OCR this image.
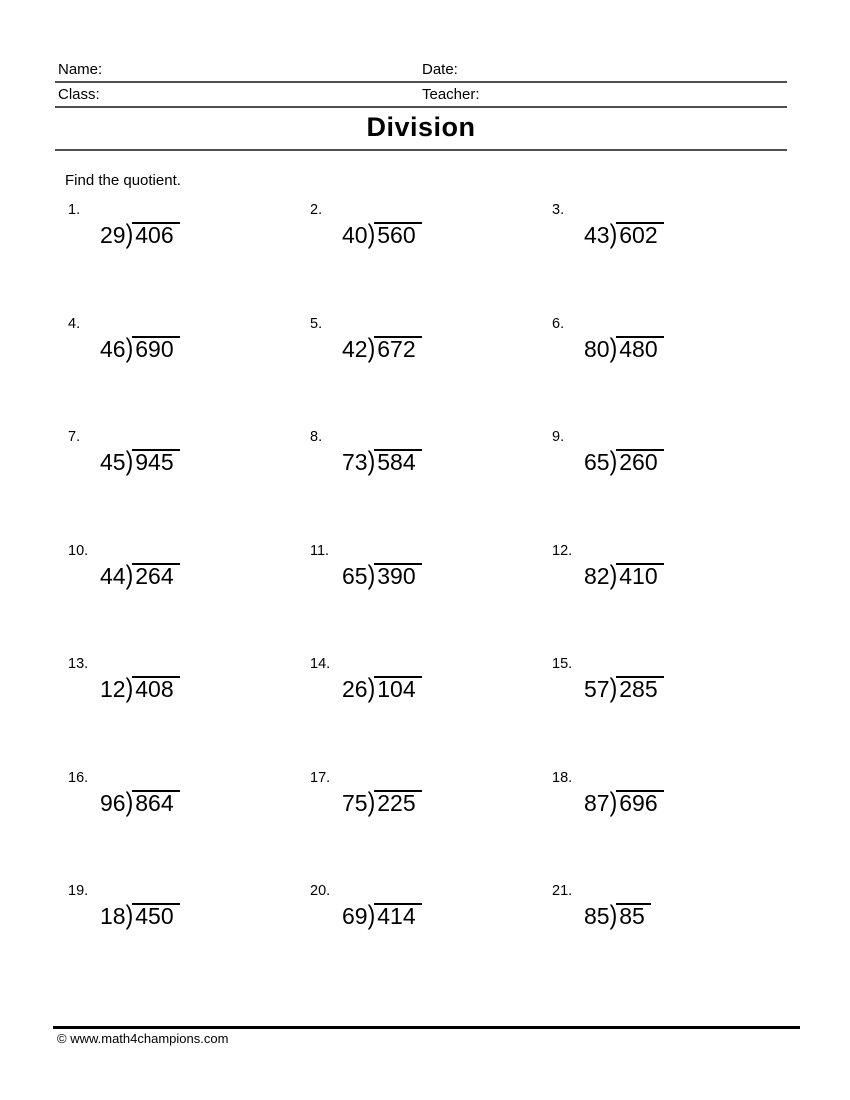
Name:	Date:
Class:	Teacher:
Division
Find the quotient.
1.
29)406
2.
40)560
3.
43)602
4.
46)690
5.
42)672
6.
80)480
7.
45)945
8.
73)584
9.
65)260
10.
44)264
11.
65)390
12.
82)410
13.
12)408
14.
26)104
15.
57)285
16.
96)864
17.
75)225
18.
87)696
19.
18)450
20.
69)414
21.
85)85
© www.math4champions.com
